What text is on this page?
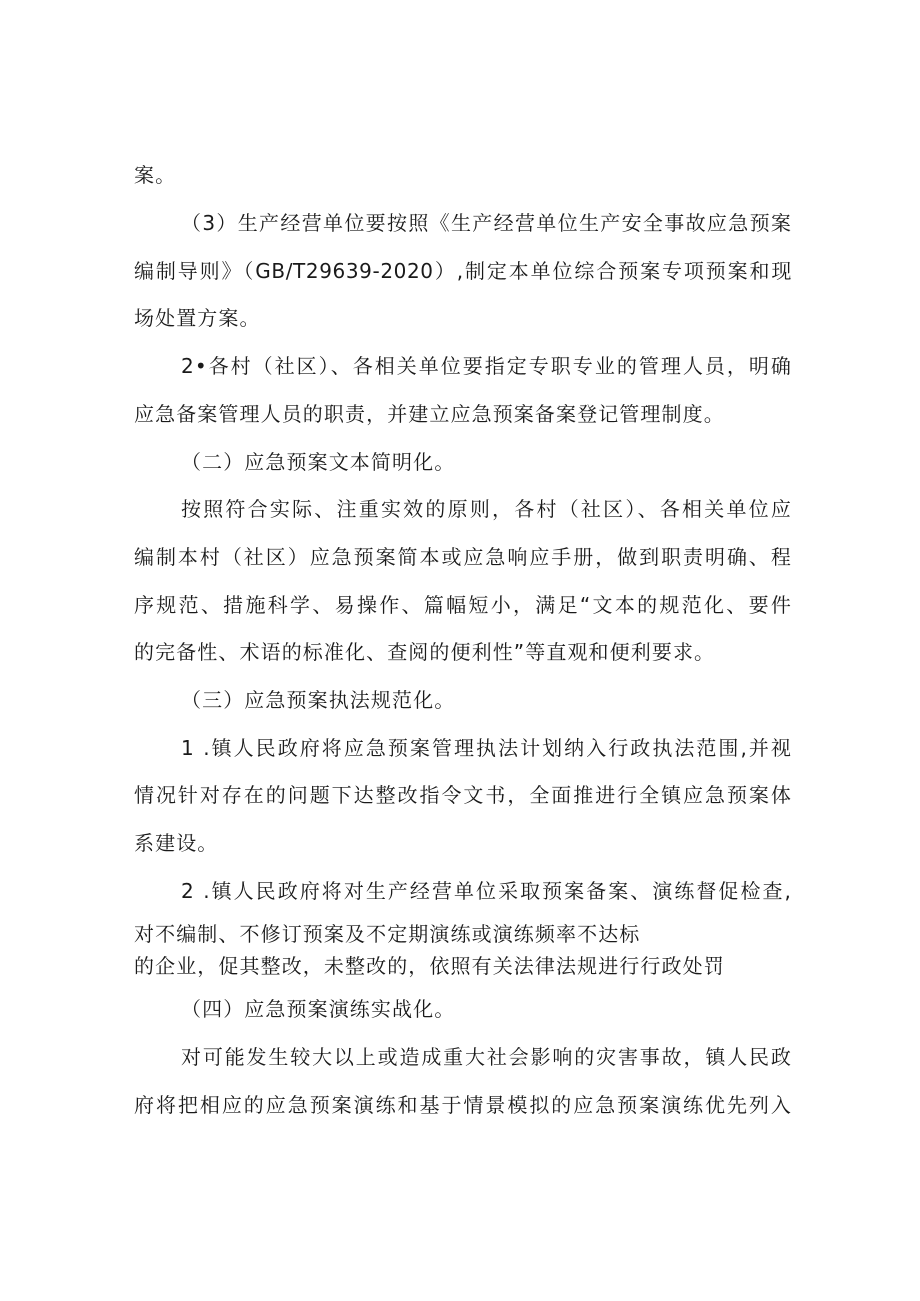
案。
（3）生产经营单位要按照《生产经营单位生产安全事故应急预案
编制导则》（GB/T29639-2020）,制定本单位综合预案专项预案和现
场处置方案。
2•各村（社区）、各相关单位要指定专职专业的管理人员，明确
应急备案管理人员的职责，并建立应急预案备案登记管理制度。
（二）应急预案文本简明化。
按照符合实际、注重实效的原则，各村（社区）、各相关单位应
编制本村（社区）应急预案简本或应急响应手册，做到职责明确、程
序规范、措施科学、易操作、篇幅短小，满足“文本的规范化、要件
的完备性、术语的标准化、查阅的便利性”等直观和便利要求。
（三）应急预案执法规范化。
1 .镇人民政府将应急预案管理执法计划纳入行政执法范围,并视
情况针对存在的问题下达整改指令文书，全面推进行全镇应急预案体
系建设。
2 .镇人民政府将对生产经营单位采取预案备案、演练督促检查,
对不编制、不修订预案及不定期演练或演练频率不达标
的企业，促其整改，未整改的，依照有关法律法规进行行政处罚
（四）应急预案演练实战化。
对可能发生较大以上或造成重大社会影响的灾害事故，镇人民政
府将把相应的应急预案演练和基于情景模拟的应急预案演练优先列入
